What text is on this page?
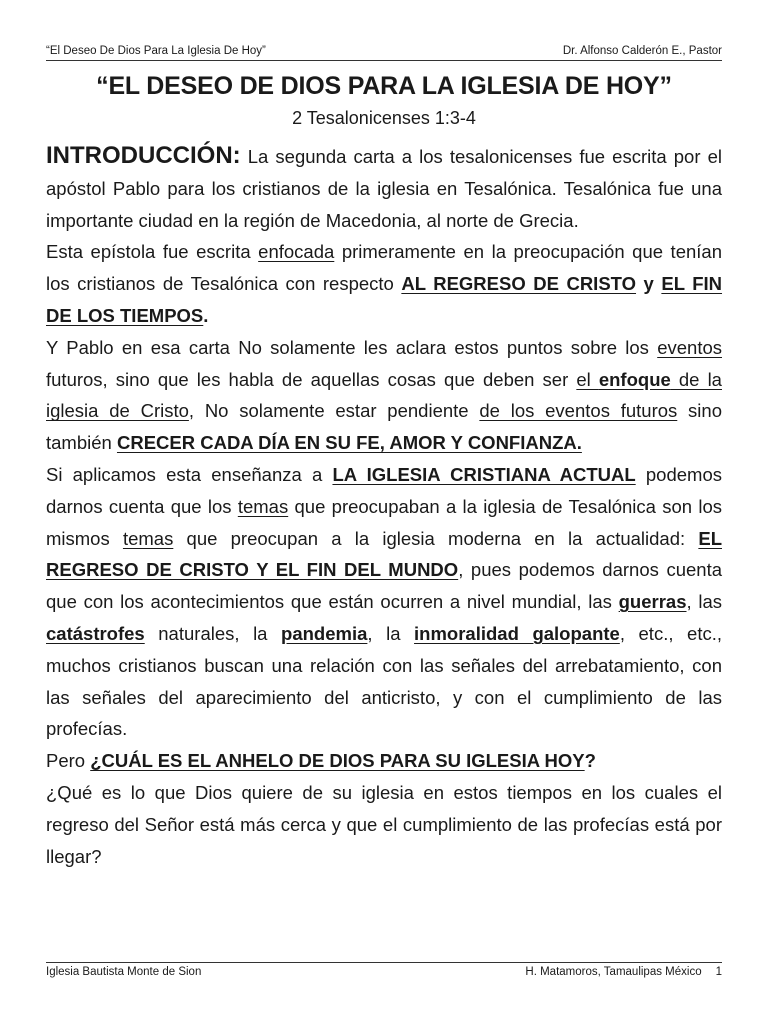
“El Deseo De Dios Para La Iglesia De Hoy”	Dr. Alfonso Calderón E., Pastor
“EL DESEO DE DIOS PARA LA IGLESIA DE HOY”
2 Tesalonicenses 1:3-4

INTRODUCCIÓN: La segunda carta a los tesalonicenses fue escrita por el apóstol Pablo para los cristianos de la iglesia en Tesalónica. Tesalónica fue una importante ciudad en la región de Macedonia, al norte de Grecia.

Esta epístola fue escrita enfocada primeramente en la preocupación que tenían los cristianos de Tesalónica con respecto AL REGRESO DE CRISTO y EL FIN DE LOS TIEMPOS.

Y Pablo en esa carta No solamente les aclara estos puntos sobre los eventos futuros, sino que les habla de aquellas cosas que deben ser el enfoque de la iglesia de Cristo, No solamente estar pendiente de los eventos futuros sino también CRECER CADA DÍA EN SU FE, AMOR Y CONFIANZA.

Si aplicamos esta enseñanza a LA IGLESIA CRISTIANA ACTUAL podemos darnos cuenta que los temas que preocupaban a la iglesia de Tesalónica son los mismos temas que preocupan a la iglesia moderna en la actualidad: EL REGRESO DE CRISTO Y EL FIN DEL MUNDO, pues podemos darnos cuenta que con los acontecimientos que están ocurren a nivel mundial, las guerras, las catástrofes naturales, la pandemia, la inmoralidad galopante, etc., etc., muchos cristianos buscan una relación con las señales del arrebatamiento, con las señales del aparecimiento del anticristo, y con el cumplimiento de las profecías.

Pero ¿CUÁL ES EL ANHELO DE DIOS PARA SU IGLESIA HOY?

¿Qué es lo que Dios quiere de su iglesia en estos tiempos en los cuales el regreso del Señor está más cerca y que el cumplimiento de las profecías está por llegar?

Iglesia Bautista Monte de Sion	H. Matamoros, Tamaulipas México 1
